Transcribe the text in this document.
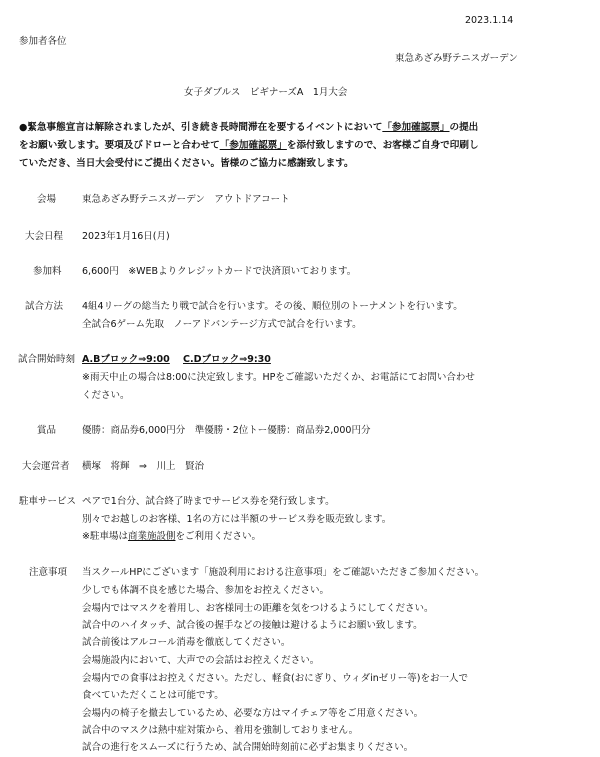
2023.1.14
参加者各位
東急あざみ野テニスガーデン
女子ダブルス　ビギナーズA　1月大会
●緊急事態宣言は解除されましたが、引き続き長時間滞在を要するイベントにおいて「参加確認票」の提出
をお願い致します。要項及びドローと合わせて「参加確認票」を添付致しますので、お客様ご自身で印刷し
ていただき、当日大会受付にご提出ください。皆様のご協力に感謝致します。
会場	東急あざみ野テニスガーデン　アウトドアコート
大会日程 2023年1月16日(月)
参加料 6,600円　※WEBよりクレジットカードで決済頂いております。
試合方法 4組4リーグの総当たり戦で試合を行います。その後、順位別のトーナメントを行います。
全試合6ゲーム先取　ノーアドバンテージ方式で試合を行います。
試合開始時刻 A.Bブロック⇒9:00 C.Dブロック⇒9:30
※雨天中止の場合は8:00に決定致します。HPをご確認いただくか、お電話にてお問い合わせ
ください。
賞品	優勝：商品券6,000円分　準優勝・2位トー優勝：商品券2,000円分
大会運営者 横塚　将輝　⇒　川上　賢治
駐車サービス ペアで1台分、試合終了時までサービス券を発行致します。
別々でお越しのお客様、1名の方には半額のサービス券を販売致します。
※駐車場は商業施設側をご利用ください。
注意事項 当スクールHPにございます「施設利用における注意事項」をご確認いただきご参加ください。
少しでも体調不良を感じた場合、参加をお控えください。
会場内ではマスクを着用し、お客様同士の距離を気をつけるようにしてください。
試合中のハイタッチ、試合後の握手などの接触は避けるようにお願い致します。
試合前後はアルコール消毒を徹底してください。
会場施設内において、大声での会話はお控えください。
会場内での食事はお控えください。ただし、軽食(おにぎり、ウィダinゼリー等)をお一人で
食べていただくことは可能です。
会場内の椅子を撤去しているため、必要な方はマイチェア等をご用意ください。
試合中のマスクは熱中症対策から、着用を強制しておりません。
試合の進行をスムーズに行うため、試合開始時刻前に必ずお集まりください。
